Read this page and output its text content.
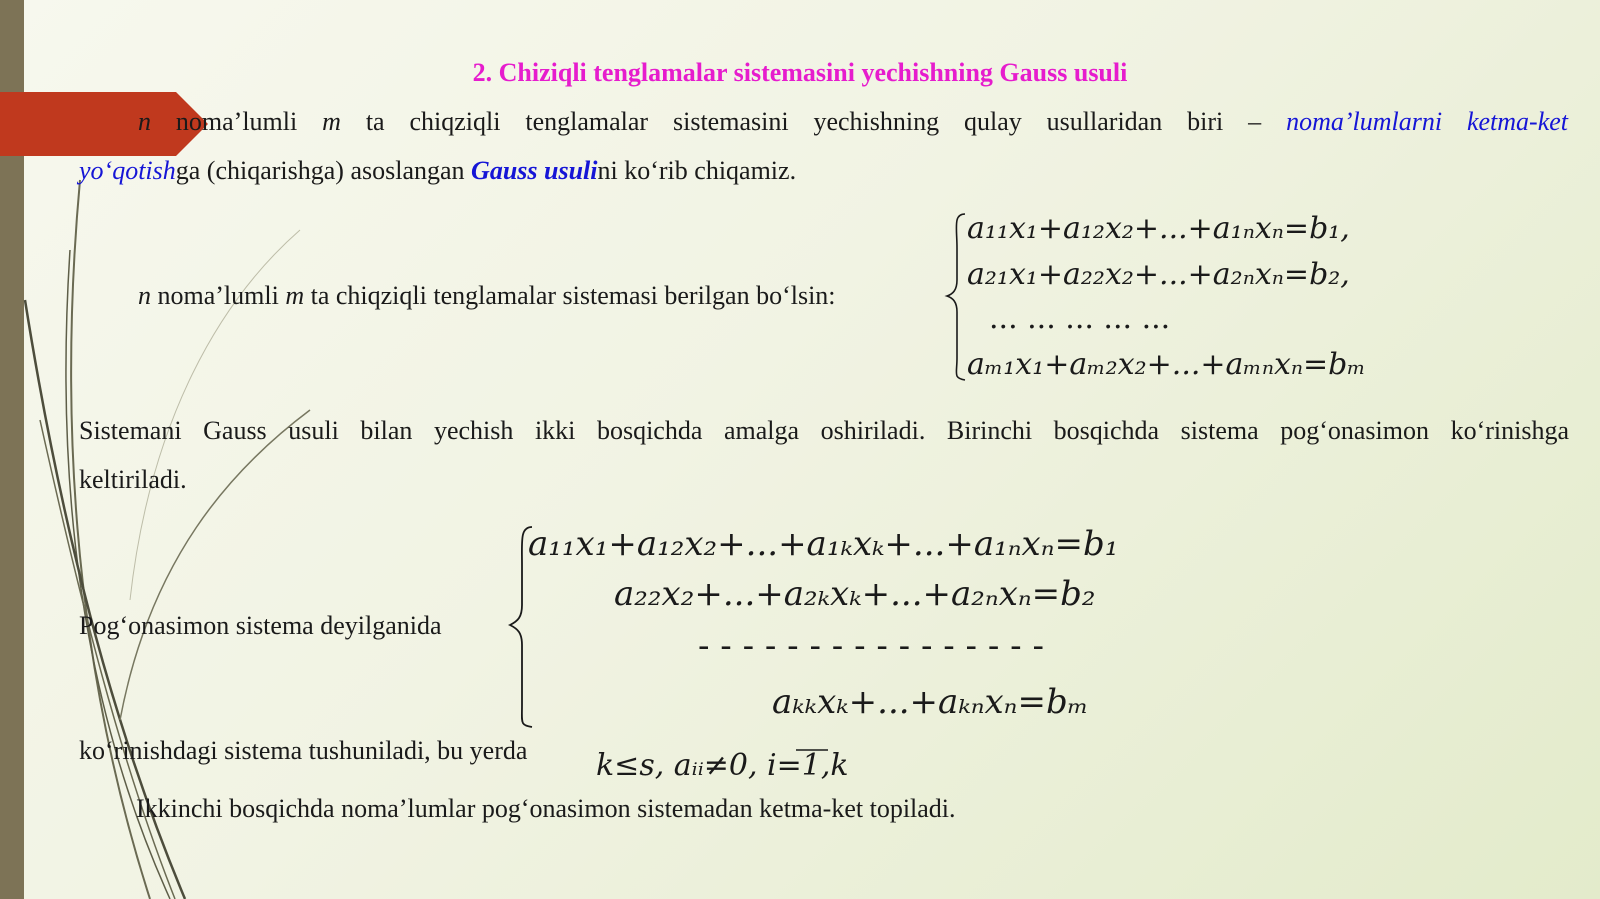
2. Chiziqli tenglamalar sistemasini yechishning Gauss usuli
n noma’lumli m ta chiqziqli tenglamalar sistemasini yechishning qulay usullaridan biri – noma’lumlarni ketma-ket
yo‘qotishga (chiqarishga) asoslangan Gauss usulini ko‘rib chiqamiz.
n noma’lumli m ta chiqziqli tenglamalar sistemasi berilgan bo‘lsin:
a₁₁x₁+a₁₂x₂+...+a₁ₙxₙ=b₁,
a₂₁x₁+a₂₂x₂+...+a₂ₙxₙ=b₂,
... ... ... ... ...
aₘ₁x₁+aₘ₂x₂+...+aₘₙxₙ=bₘ
Sistemani Gauss usuli bilan yechish ikki bosqichda amalga oshiriladi. Birinchi bosqichda sistema pog‘onasimon ko‘rinishga
keltiriladi.
Pog‘onasimon sistema deyilganida
a₁₁x₁+a₁₂x₂+...+a₁ₖxₖ+...+a₁ₙxₙ=b₁
a₂₂x₂+...+a₂ₖxₖ+...+a₂ₙxₙ=b₂
- - - - - - - - - - - - - - - -
aₖₖxₖ+...+aₖₙxₙ=bₘ
ko‘rinishdagi sistema tushuniladi, bu yerda k≤s, aᵢᵢ≠0, i=1,k
Ikkinchi bosqichda noma’lumlar pog‘onasimon sistemadan ketma-ket topiladi.
